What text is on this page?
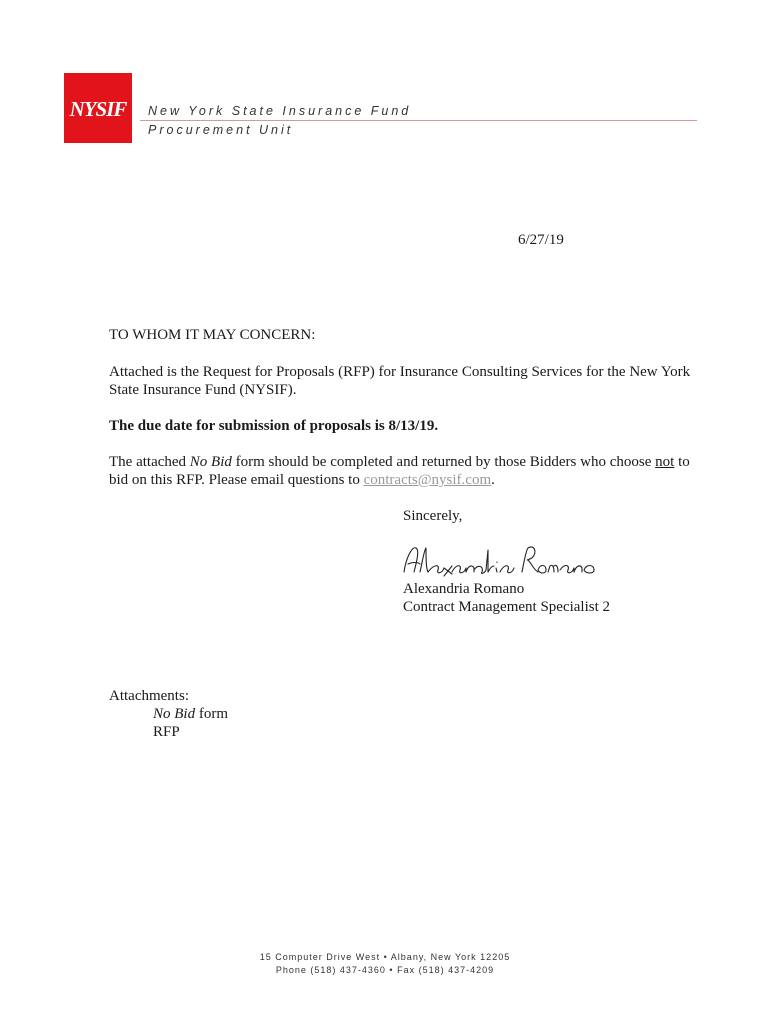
NYSIF	New York State Insurance Fund
Procurement Unit
6/27/19
TO WHOM IT MAY CONCERN:

Attached is the Request for Proposals (RFP) for Insurance Consulting Services for the New York State Insurance Fund (NYSIF).

The due date for submission of proposals is 8/13/19.

The attached No Bid form should be completed and returned by those Bidders who choose not to bid on this RFP. Please email questions to contracts@nysif.com.

Sincerely,
Alexandria Romano
Contract Management Specialist 2
Attachments:
No Bid form
RFP
15 Computer Drive West • Albany, New York 12205
Phone (518) 437-4360 • Fax (518) 437-4209
